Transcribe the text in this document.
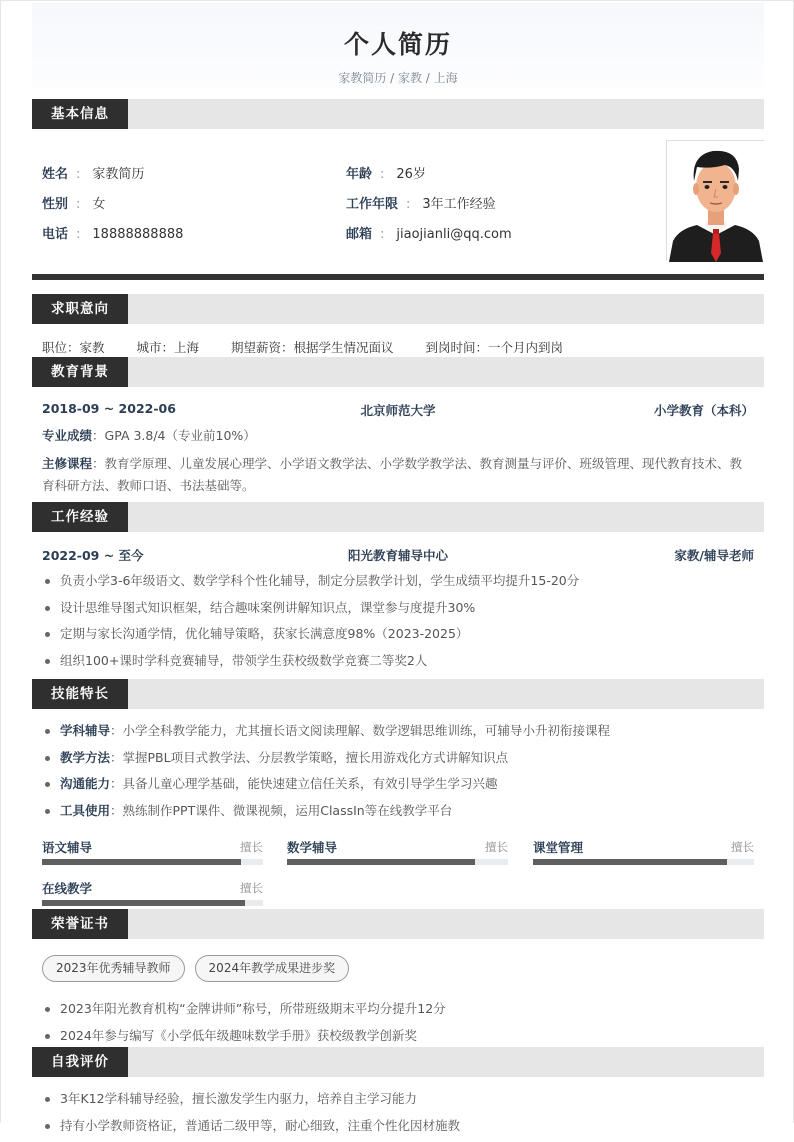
个人简历
家教简历 / 家教 / 上海
基本信息
姓名 : 家教简历
性别 : 女
电话 : 18888888888
年龄 : 26岁
工作年限 : 3年工作经验
邮箱 : jiaojianli@qq.com
求职意向
职位：家教	城市：上海	期望薪资：根据学生情况面议	到岗时间：一个月内到岗
教育背景
2018-09 ~ 2022-06	北京师范大学	小学教育（本科）
专业成绩：GPA 3.8/4（专业前10%）
主修课程：教育学原理、儿童发展心理学、小学语文教学法、小学数学教学法、教育测量与评价、班级管理、现代教育技术、教育科研方法、教师口语、书法基础等。
工作经验
2022-09 ~ 至今	阳光教育辅导中心	家教/辅导老师
负责小学3-6年级语文、数学学科个性化辅导，制定分层教学计划，学生成绩平均提升15-20分
设计思维导图式知识框架，结合趣味案例讲解知识点，课堂参与度提升30%
定期与家长沟通学情，优化辅导策略，获家长满意度98%（2023-2025）
组织100+课时学科竞赛辅导，带领学生获校级数学竞赛二等奖2人
技能特长
学科辅导：小学全科教学能力，尤其擅长语文阅读理解、数学逻辑思维训练，可辅导小升初衔接课程
教学方法：掌握PBL项目式教学法、分层教学策略，擅长用游戏化方式讲解知识点
沟通能力：具备儿童心理学基础，能快速建立信任关系，有效引导学生学习兴趣
工具使用：熟练制作PPT课件、微课视频，运用ClassIn等在线教学平台
语文辅导	擅长 数学辅导	擅长 课堂管理	擅长
在线教学	擅长
荣誉证书
2023年优秀辅导教师	2024年教学成果进步奖
2023年阳光教育机构“金牌讲师”称号，所带班级期末平均分提升12分
2024年参与编写《小学低年级趣味数学手册》获校级教学创新奖
自我评价
3年K12学科辅导经验，擅长激发学生内驱力，培养自主学习能力
持有小学教师资格证，普通话二级甲等，耐心细致，注重个性化因材施教
